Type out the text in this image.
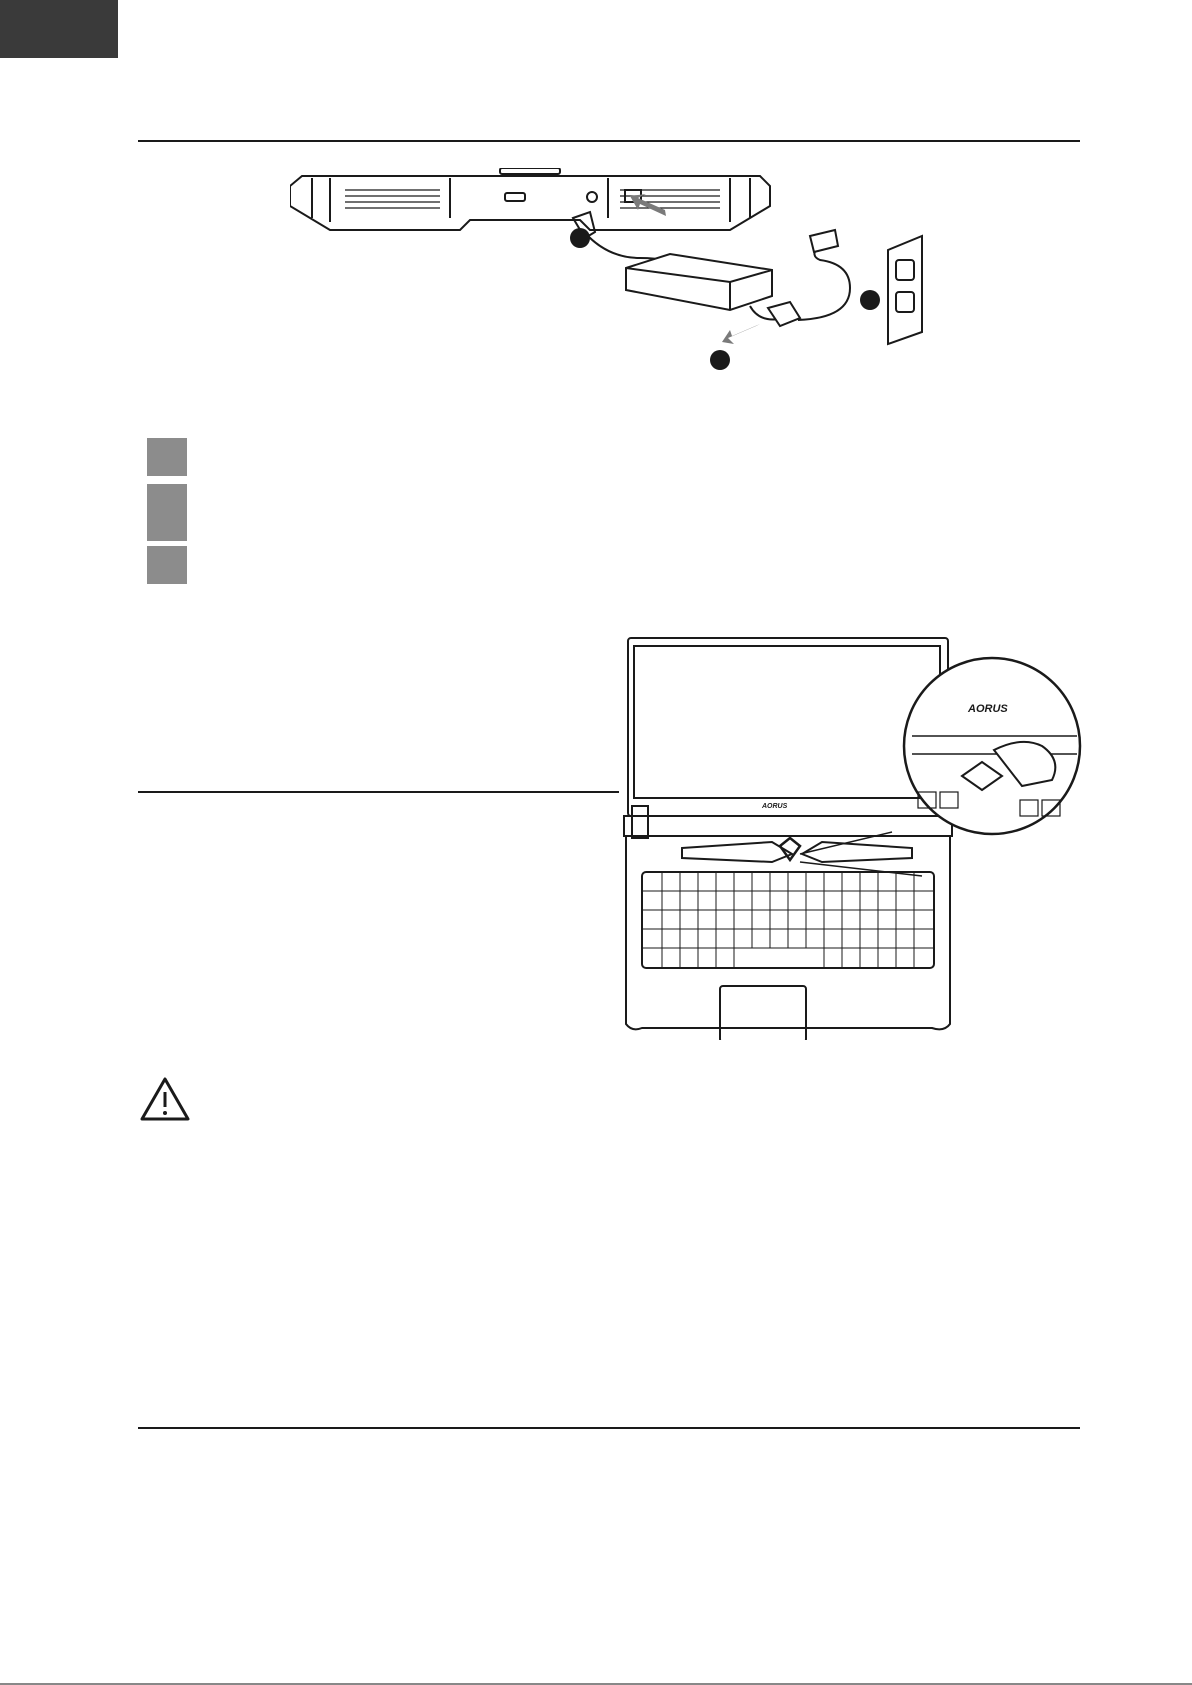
AORUS
AORUS
